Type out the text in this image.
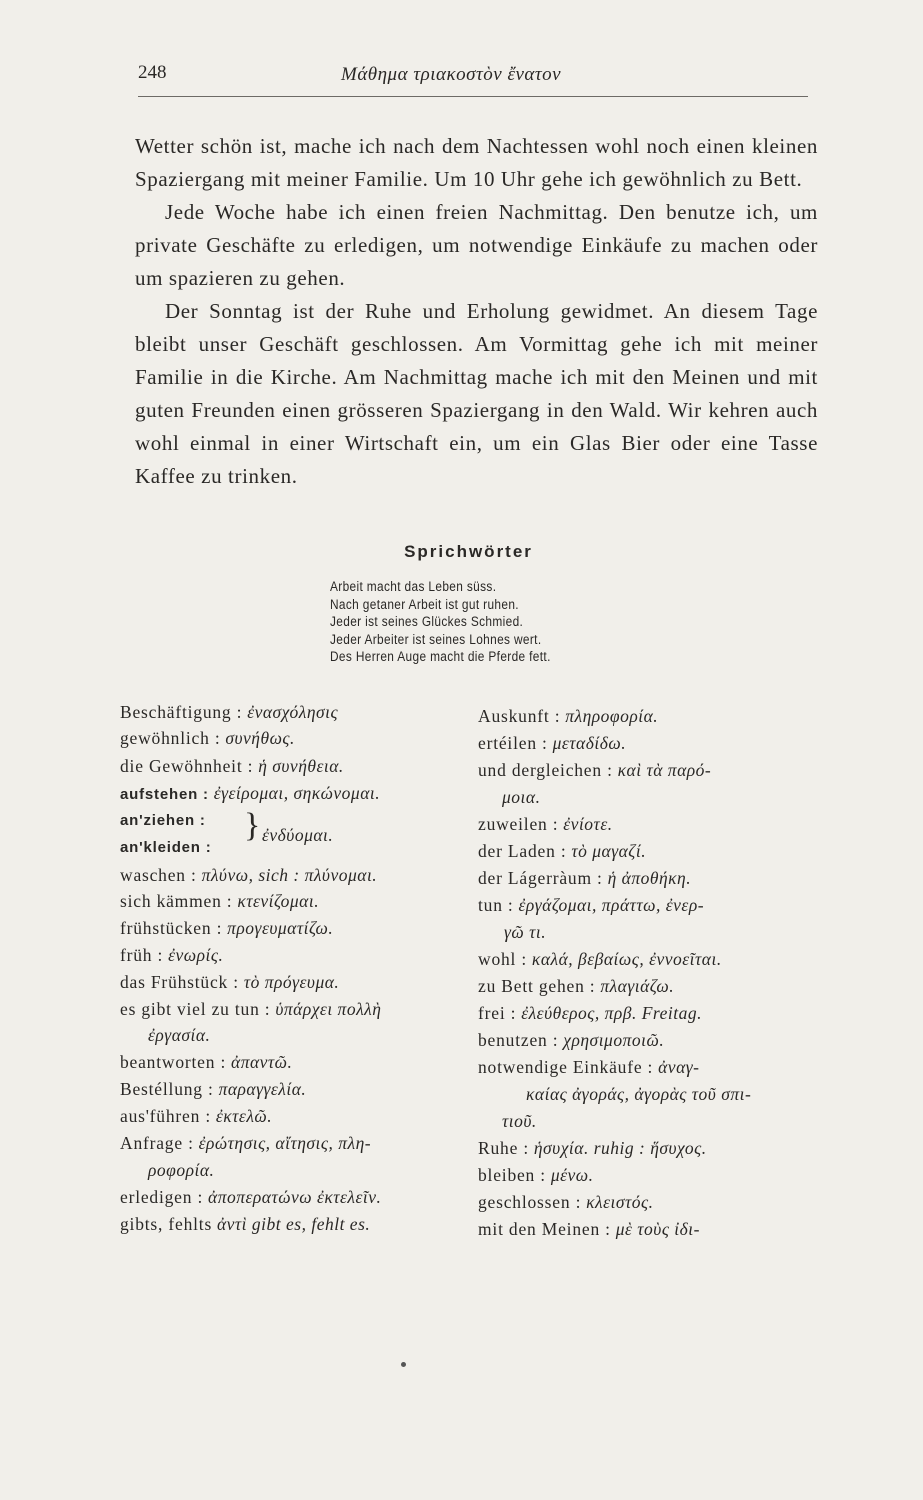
248	Μάθημα τριακοστὸν ἔνατον

Wetter schön ist, mache ich nach dem Nachtessen wohl noch einen kleinen Spaziergang mit meiner Familie. Um 10 Uhr gehe ich gewöhnlich zu Bett.

Jede Woche habe ich einen freien Nachmittag. Den benutze ich, um private Geschäfte zu erledigen, um notwendige Einkäufe zu machen oder um spazieren zu gehen.

Der Sonntag ist der Ruhe und Erholung gewidmet. An diesem Tage bleibt unser Geschäft geschlossen. Am Vormittag gehe ich mit meiner Familie in die Kirche. Am Nachmittag mache ich mit den Meinen und mit guten Freunden einen grösseren Spaziergang in den Wald. Wir kehren auch wohl einmal in einer Wirtschaft ein, um ein Glas Bier oder eine Tasse Kaffee zu trinken.

Sprichwörter
Arbeit macht das Leben süss.
Nach getaner Arbeit ist gut ruhen.
Jeder ist seines Glückes Schmied.
Jeder Arbeiter ist seines Lohnes wert.
Des Herren Auge macht die Pferde fett.
Beschäftigung : ἐνασχόλησις
gewöhnlich : συνήθως.
die Gewöhnheit : ἡ συνήθεια.
aufstehen : ἐγείρομαι, σηκώνομαι.
an'ziehen :
an'kleiden :
waschen : πλύνω, sich : πλύνομαι.
sich kämmen : κτενίζομαι.
frühstücken : προγευματίζω.
früh : ἐνωρίς.
das Frühstück : τὸ πρόγευμα.
es gibt viel zu tun : ὑπάρχει πολλὴ
ἐργασία.
beantworten : ἀπαντῶ.
Bestéllung : παραγγελία.
aus'führen : ἐκτελῶ.
Anfrage : ἐρώτησις, αἴτησις, πλη-
ροφορία.
erledigen : ἀποπερατώνω ἐκτελεῖν.
gibts, fehlts ἀντὶ gibt es, fehlt es.
} ἐνδύομαι.
Auskunft : πληροφορία.
ertéilen : μεταδίδω.
und dergleichen : καὶ τὰ παρό-
μοια.
zuweilen : ἐνίοτε.
der Laden : τὸ μαγαζί.
der Lágerràum : ἡ ἀποθήκη.
tun : ἐργάζομαι, πράττω, ἐνερ-
γῶ τι.
wohl : καλά, βεβαίως, ἐννοεῖται.
zu Bett gehen : πλαγιάζω.
frei : ἐλεύθερος, πρβ. Freitag.
benutzen : χρησιμοποιῶ.
notwendige Einkäufe : ἀναγ-
καίας ἀγοράς, ἀγορὰς τοῦ σπι-
τιοῦ.
Ruhe : ἡσυχία. ruhig : ἥσυχος.
bleiben : μένω.
geschlossen : κλειστός.
mit den Meinen : μὲ τοὺς ἰδι-
